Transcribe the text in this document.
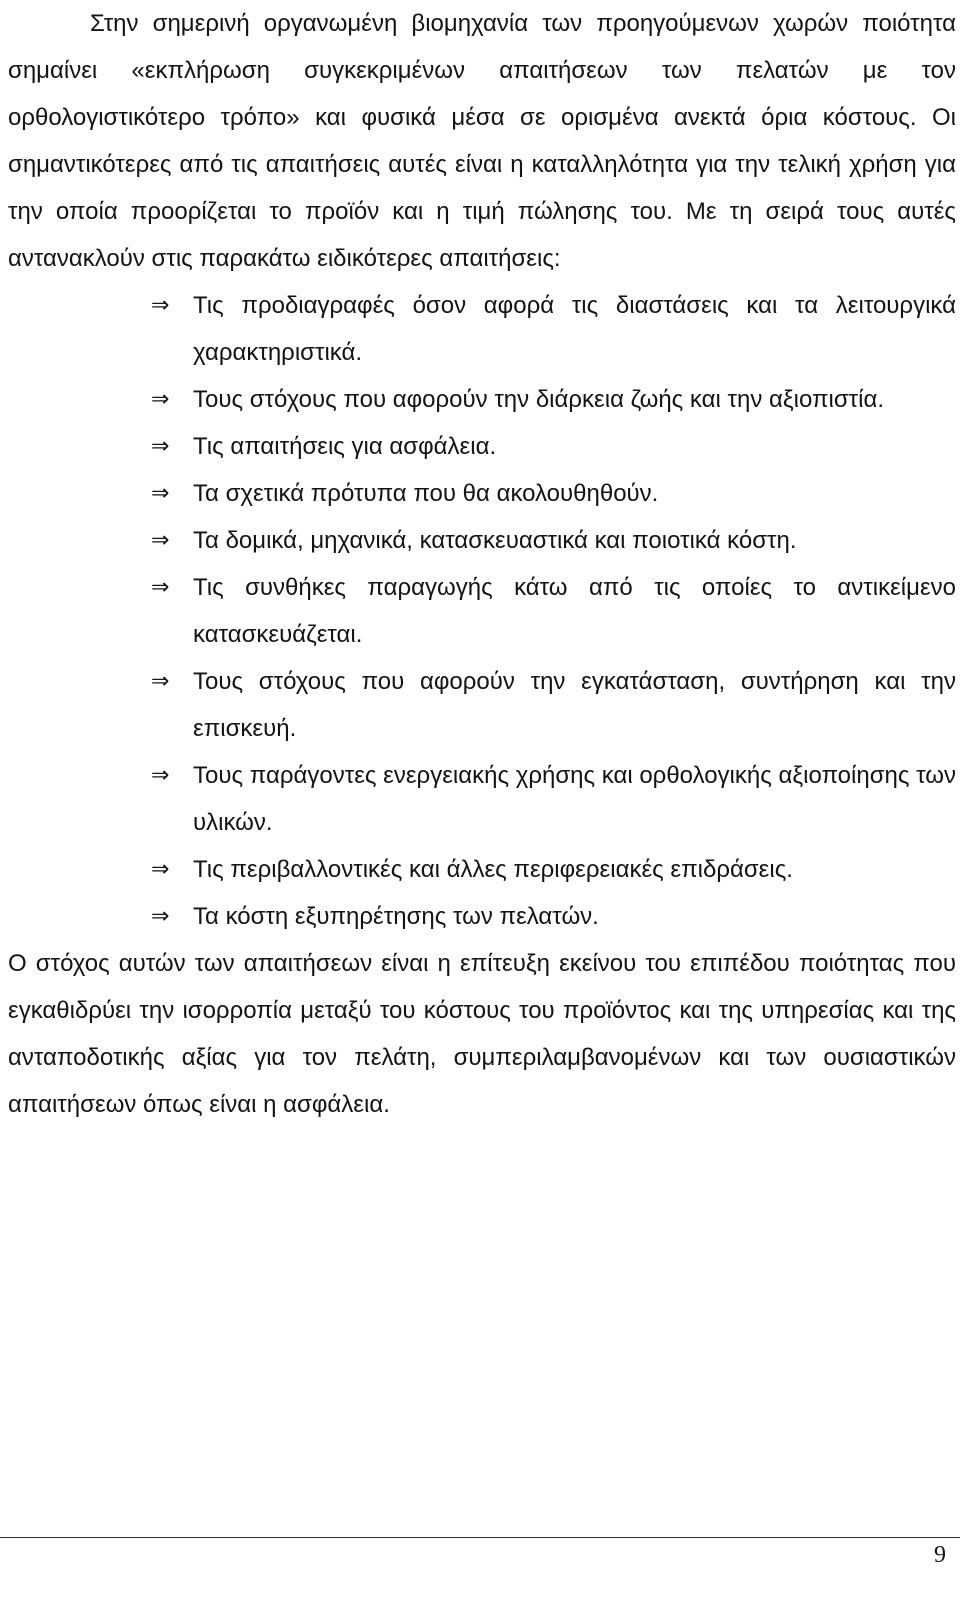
Στην σημερινή οργανωμένη βιομηχανία των προηγούμενων χωρών ποιότητα σημαίνει «εκπλήρωση συγκεκριμένων απαιτήσεων των πελατών με τον ορθολογιστικότερο τρόπο» και φυσικά μέσα σε ορισμένα ανεκτά όρια κόστους. Οι σημαντικότερες από τις απαιτήσεις αυτές είναι η καταλληλότητα για την τελική χρήση για την οποία προορίζεται το προϊόν και η τιμή πώλησης του. Με τη σειρά τους αυτές αντανακλούν στις παρακάτω ειδικότερες απαιτήσεις:

⇒ Τις προδιαγραφές όσον αφορά τις διαστάσεις και τα λειτουργικά χαρακτηριστικά.
⇒ Τους στόχους που αφορούν την διάρκεια ζωής και την αξιοπιστία.
⇒ Τις απαιτήσεις για ασφάλεια.
⇒ Τα σχετικά πρότυπα που θα ακολουθηθούν.
⇒ Τα δομικά, μηχανικά, κατασκευαστικά και ποιοτικά κόστη.
⇒ Τις συνθήκες παραγωγής κάτω από τις οποίες το αντικείμενο κατασκευάζεται.
⇒ Τους στόχους που αφορούν την εγκατάσταση, συντήρηση και την επισκευή.
⇒ Τους παράγοντες ενεργειακής χρήσης και ορθολογικής αξιοποίησης των υλικών.
⇒ Τις περιβαλλοντικές και άλλες περιφερειακές επιδράσεις.
⇒ Τα κόστη εξυπηρέτησης των πελατών.

Ο στόχος αυτών των απαιτήσεων είναι η επίτευξη εκείνου του επιπέδου ποιότητας που εγκαθιδρύει την ισορροπία μεταξύ του κόστους του προϊόντος και της υπηρεσίας και της ανταποδοτικής αξίας για τον πελάτη, συμπεριλαμβανομένων και των ουσιαστικών απαιτήσεων όπως είναι η ασφάλεια.

9
